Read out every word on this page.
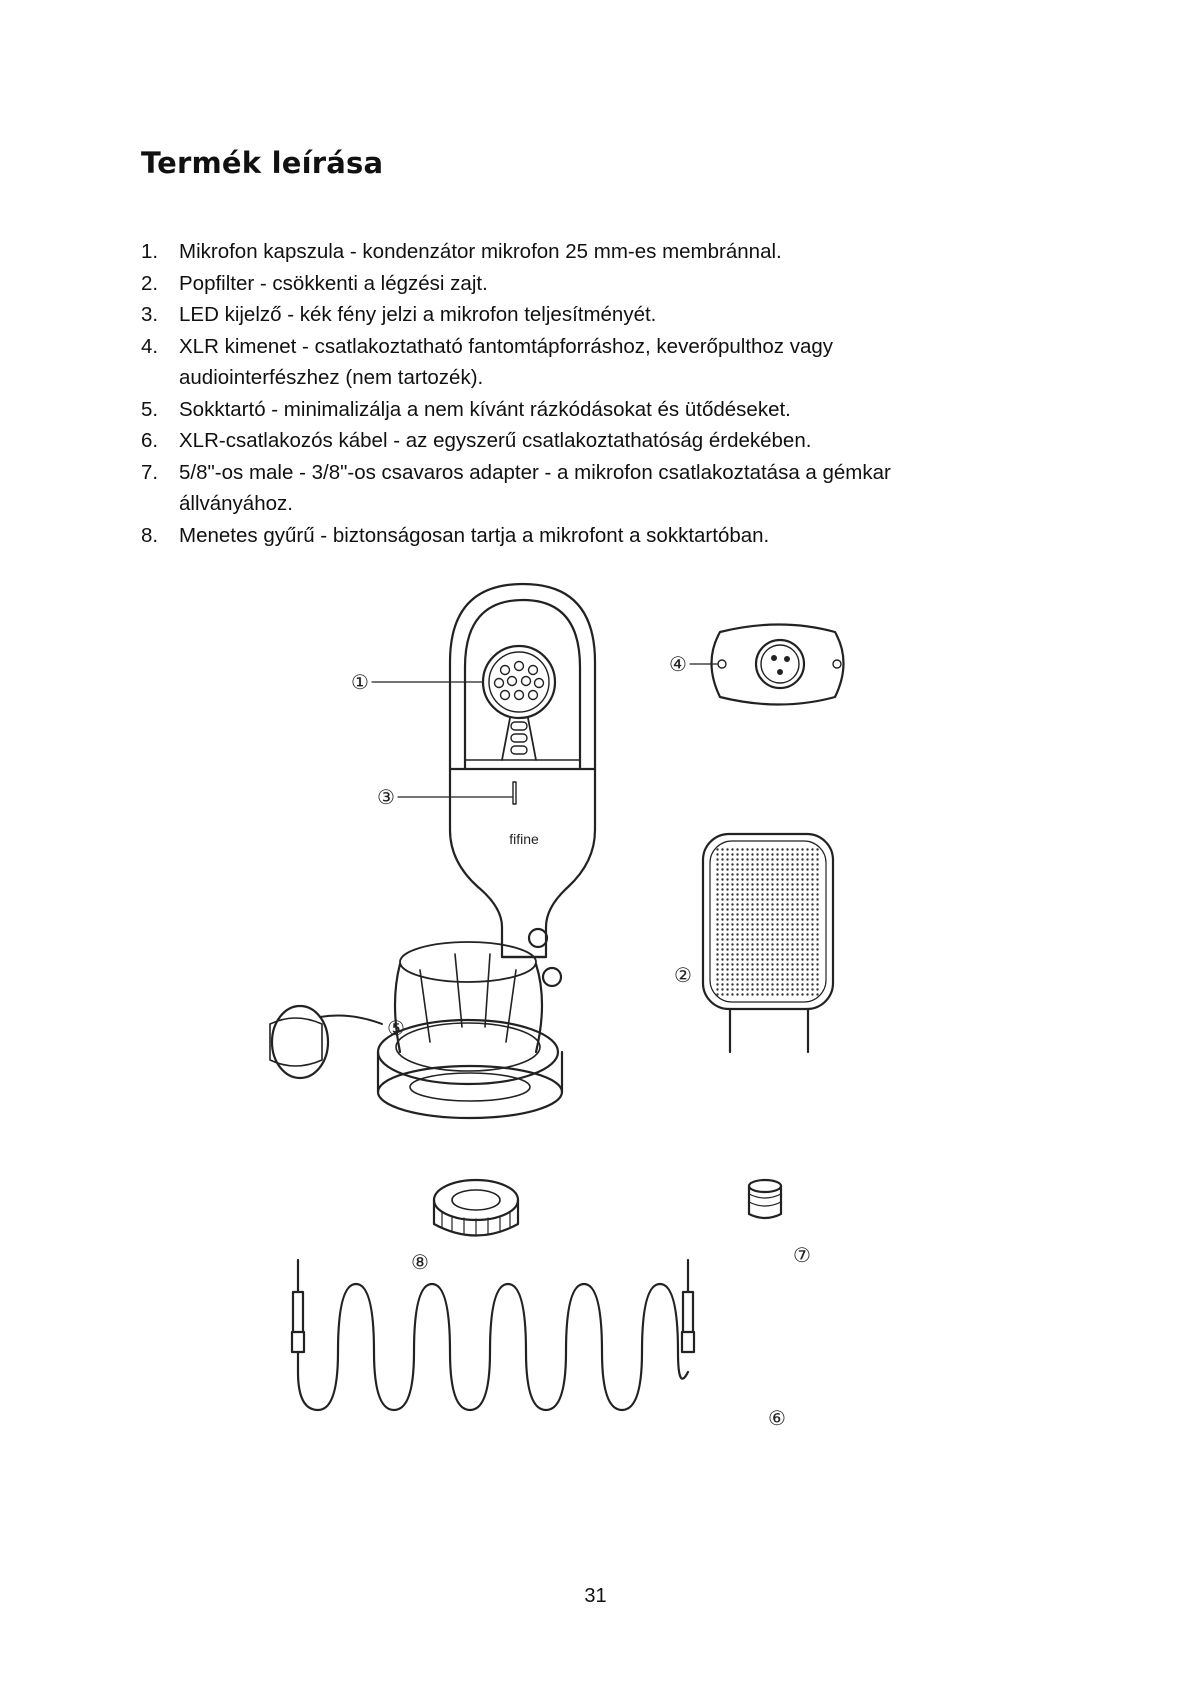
Termék leírása
1. Mikrofon kapszula - kondenzátor mikrofon 25 mm-es membránnal.
2. Popfilter - csökkenti a légzési zajt.
3. LED kijelző - kék fény jelzi a mikrofon teljesítményét.
4. XLR kimenet - csatlakoztatható fantomtápforráshoz, keverőpulthoz vagy audiointerfészhez (nem tartozék).
5. Sokktartó - minimalizálja a nem kívánt rázkódásokat és ütődéseket.
6. XLR-csatlakozós kábel - az egyszerű csatlakoztathatóság érdekében.
7. 5/8"-os male - 3/8"-os csavaros adapter - a mikrofon csatlakoztatása a gémkar állványához.
8. Menetes gyűrű - biztonságosan tartja a mikrofont a sokktartóban.
fifine
①
③
④
②
⑤
⑧	⑦
⑥
31
